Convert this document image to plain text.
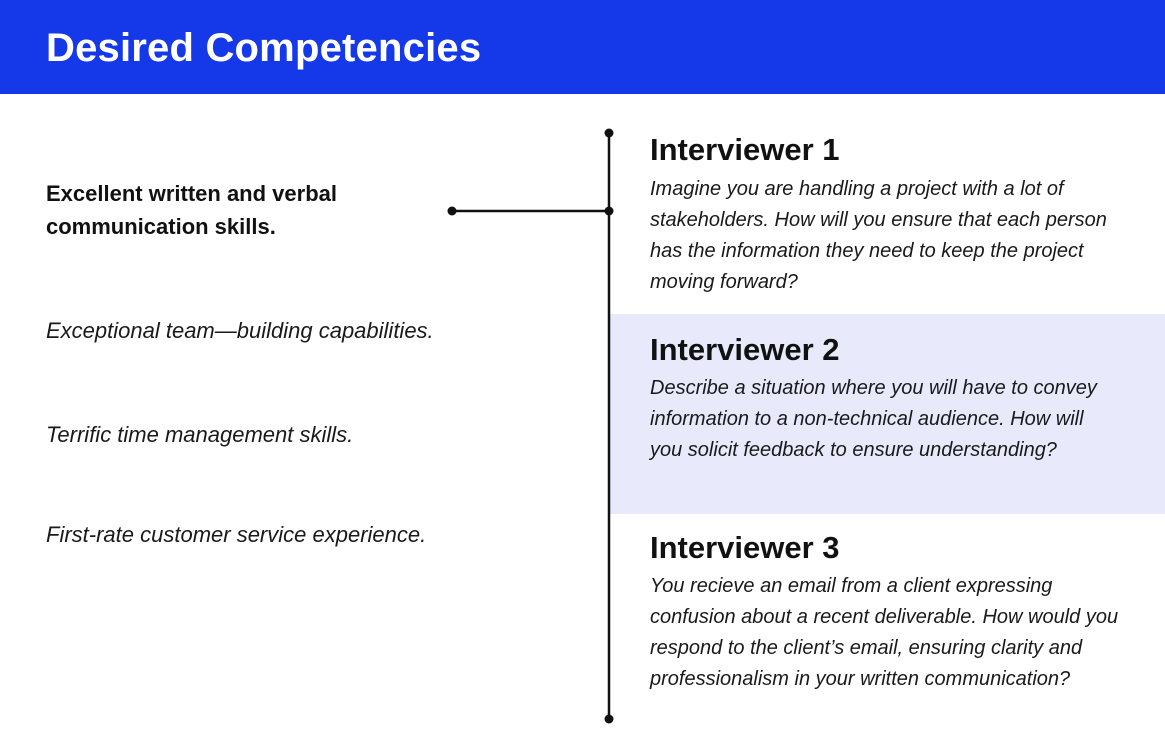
Desired Competencies
Excellent written and verbal communication skills.
Exceptional team—building capabilities.
Terrific time management skills.
First-rate customer service experience.
Interviewer 1
Imagine you are handling a project with a lot of stakeholders. How will you ensure that each person has the information they need to keep the project moving forward?
Interviewer 2
Describe a situation where you will have to convey information to a non-technical audience. How will you solicit feedback to ensure understanding?
Interviewer 3
You recieve an email from a client expressing confusion about a recent deliverable. How would you respond to the client’s email, ensuring clarity and professionalism in your written communication?
